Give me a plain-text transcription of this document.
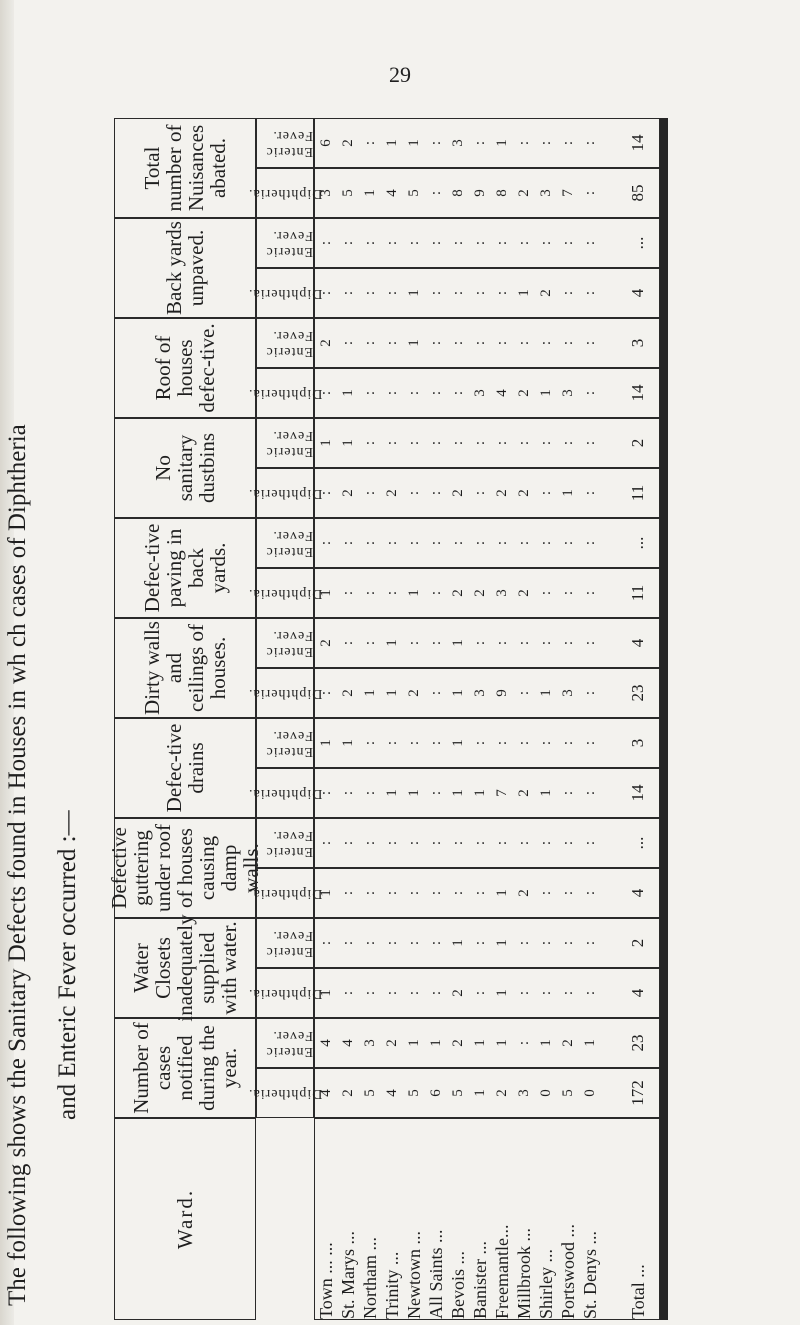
29
The following shows the Sanitary Defects found in Houses in wh ch cases of Diphtheria and Enteric Fever occurred :—
Ward.
Number of cases notified during the year.
Water Closets inadequately supplied with water.
Defective guttering under roof of houses causing damp walls.
Defec-tive drains
Dirty walls and ceilings of houses.
Defec-tive paving in back yards.
No sanitary dustbins
Roof of houses defec-tive.
Back yards unpaved.
Total number of Nuisances abated.
Diphtheria.
Enteric Fever.
Diphtheria.
Enteric Fever.
Diphtheria.
Enteric Fever.
Diphtheria.
Enteric Fever.
Diphtheria.
Enteric Fever.
Diphtheria.
Enteric Fever.
Diphtheria.
Enteric Fever.
Diphtheria.
Enteric Fever.
Diphtheria.
Enteric Fever.
Diphtheria.
Enteric Fever.
Town ... ... St. Marys ... Northam ... Trinity ... Newtown ... All Saints ... Bevois ... Banister ... Freemantle... Millbrook ... Shirley ... Portswood ... St. Denys ... Total ...
4 2 5 4 5 6 5 1 2 3 0 5 0 172
4 4 3 2 1 1 2 1 1 : 1 2 1 23
1 : : : : : 2 : 1 : : : : 4
: : : : : : 1 : 1 : : : : 2
1 : : : : : : : 1 2 : : : 4
: : : : : : : : : : : : : ...
: : : 1 1 : 1 1 7 2 1 : : 14
1 1 : : : : 1 : : : : : : 3
: 2 1 1 2 : 1 3 9 : 1 3 : 23
2 : : 1 : : 1 : : : : : : 4
1 : : : 1 : 2 2 3 2 : : : 11
: : : : : : : : : : : : : ...
: 2 : 2 : : 2 : 2 2 : 1 : 11
1 1 : : : : : : : : : : : 2
: 1 : : : : : 3 4 2 1 3 : 14
2 : : : 1 : : : : : : : : 3
: : : : 1 : : : : 1 2 : : 4
: : : : : : : : : : : : : ...
3 5 1 4 5 : 8 9 8 2 3 7 : 85
6 2 : 1 1 : 3 : 1 : : : : 14
